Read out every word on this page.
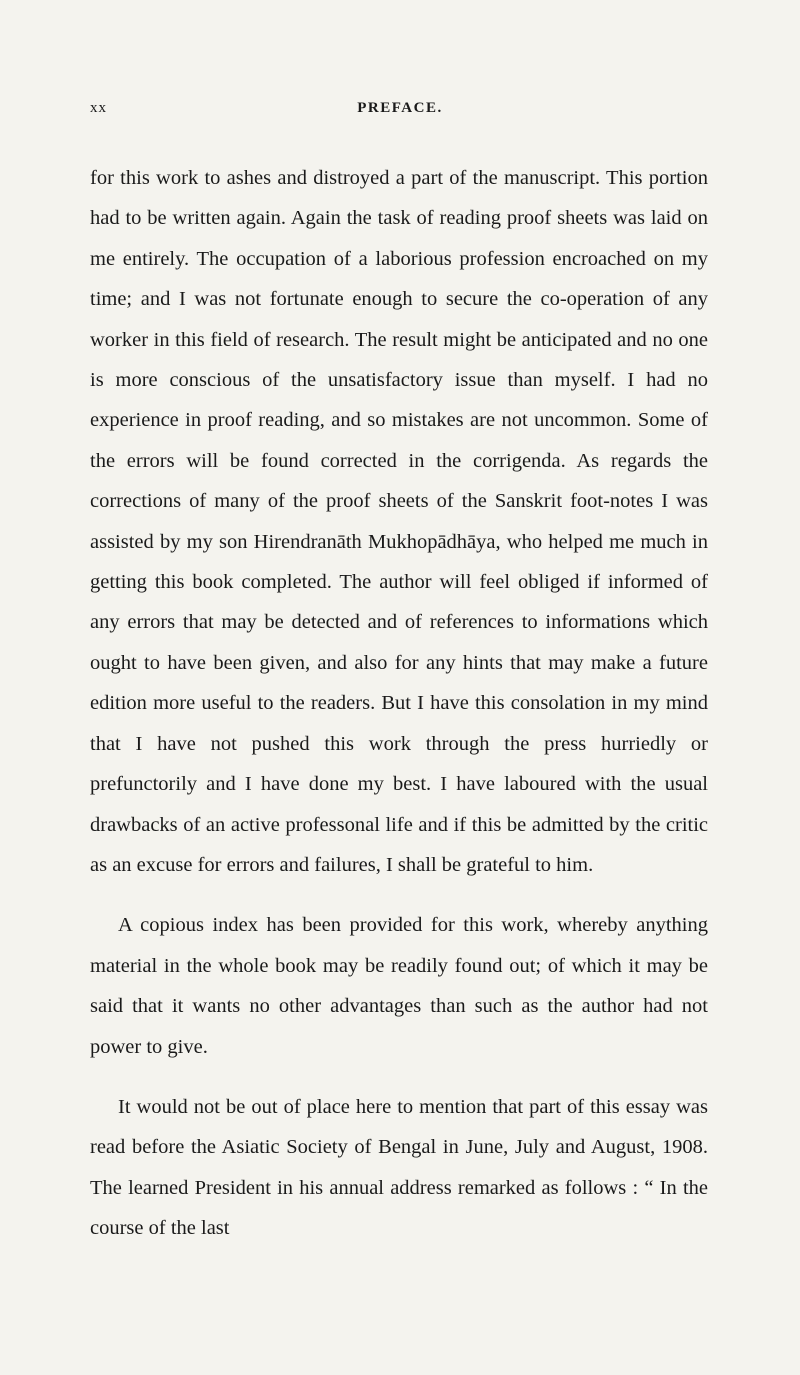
xx	PREFACE.

for this work to ashes and distroyed a part of the manuscript. This portion had to be written again. Again the task of reading proof sheets was laid on me entirely. The occupation of a laborious profession encroached on my time; and I was not fortunate enough to secure the co-operation of any worker in this field of research. The result might be anticipated and no one is more conscious of the unsatisfactory issue than myself. I had no experience in proof reading, and so mistakes are not uncommon. Some of the errors will be found corrected in the corrigenda. As regards the corrections of many of the proof sheets of the Sanskrit foot-notes I was assisted by my son Hirendranāth Mukhopādhāya, who helped me much in getting this book completed. The author will feel obliged if informed of any errors that may be detected and of references to informations which ought to have been given, and also for any hints that may make a future edition more useful to the readers. But I have this consolation in my mind that I have not pushed this work through the press hurriedly or prefunctorily and I have done my best. I have laboured with the usual drawbacks of an active professonal life and if this be admitted by the critic as an excuse for errors and failures, I shall be grateful to him.

A copious index has been provided for this work, whereby anything material in the whole book may be readily found out; of which it may be said that it wants no other advantages than such as the author had not power to give.

It would not be out of place here to mention that part of this essay was read before the Asiatic Society of Bengal in June, July and August, 1908. The learned President in his annual address remarked as follows : “ In the course of the last
